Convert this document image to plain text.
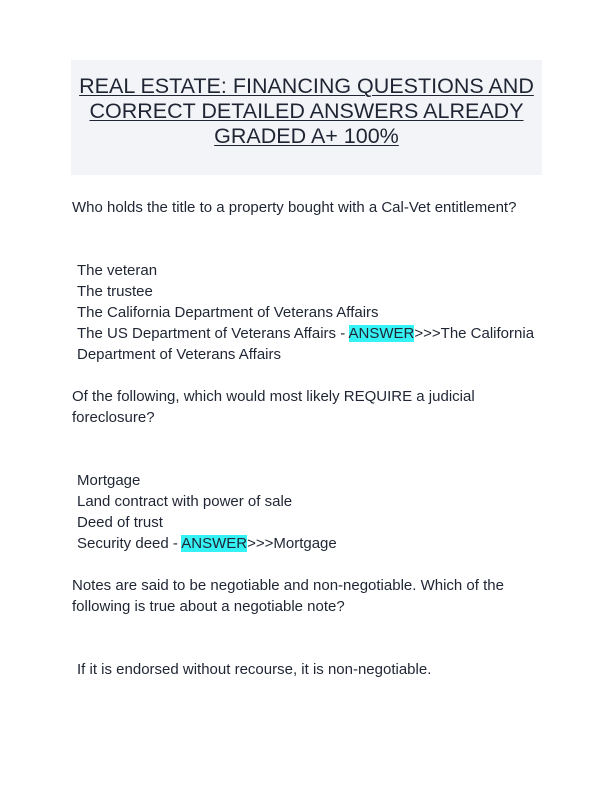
REAL ESTATE: FINANCING QUESTIONS AND
CORRECT DETAILED ANSWERS ALREADY
GRADED A+ 100%

Who holds the title to a property bought with a Cal-Vet entitlement?

The veteran

The trustee

The California Department of Veterans Affairs

The US Department of Veterans Affairs - ANSWER>>>The California Department of Veterans Affairs

Of the following, which would most likely REQUIRE a judicial foreclosure?

Mortgage

Land contract with power of sale

Deed of trust

Security deed - ANSWER>>>Mortgage

Notes are said to be negotiable and non-negotiable. Which of the following is true about a negotiable note?

If it is endorsed without recourse, it is non-negotiable.
